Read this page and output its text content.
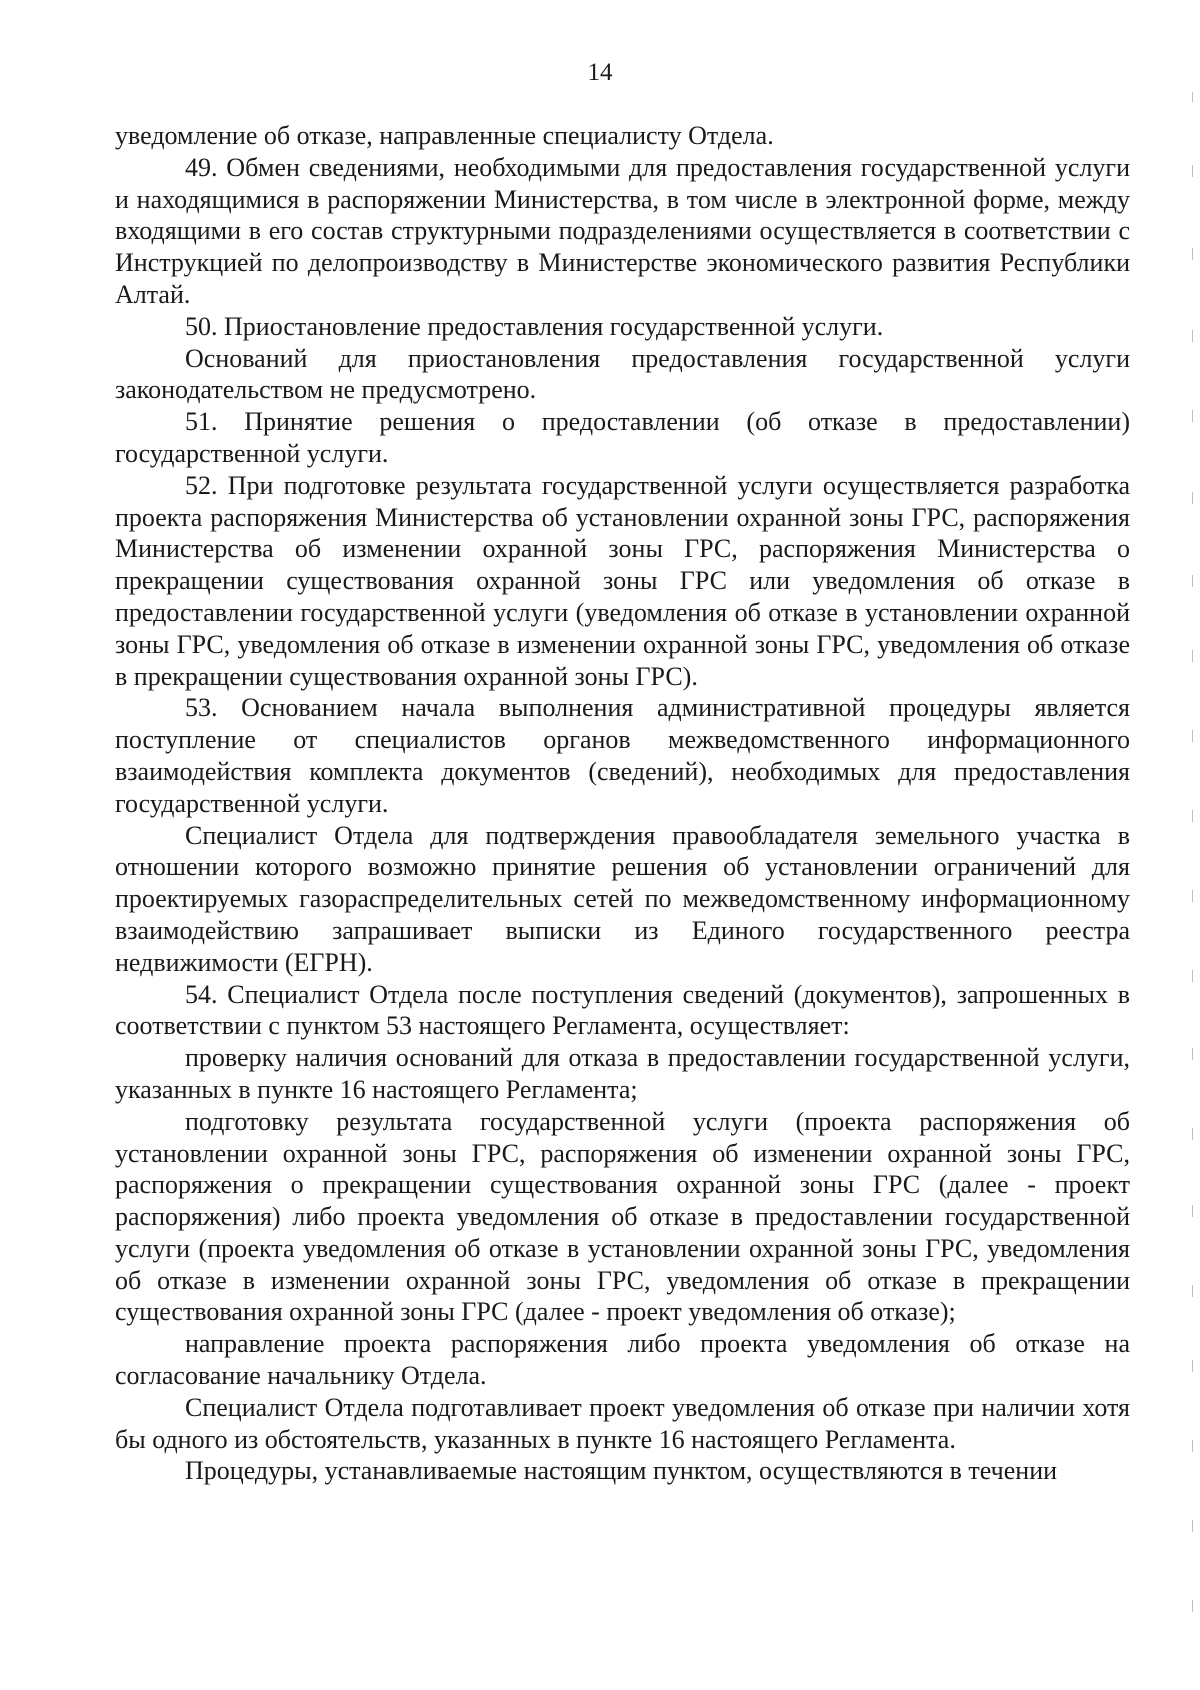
14

уведомление об отказе, направленные специалисту Отдела.

49. Обмен сведениями, необходимыми для предоставления государственной услуги и находящимися в распоряжении Министерства, в том числе в электронной форме, между входящими в его состав структурными подразделениями осуществляется в соответствии с Инструкцией по делопроизводству в Министерстве экономического развития Республики Алтай.

50. Приостановление предоставления государственной услуги.

Оснований для приостановления предоставления государственной услуги законодательством не предусмотрено.

51. Принятие решения о предоставлении (об отказе в предоставлении) государственной услуги.

52. При подготовке результата государственной услуги осуществляется разработка проекта распоряжения Министерства об установлении охранной зоны ГРС, распоряжения Министерства об изменении охранной зоны ГРС, распоряжения Министерства о прекращении существования охранной зоны ГРС или уведомления об отказе в предоставлении государственной услуги (уведомления об отказе в установлении охранной зоны ГРС, уведомления об отказе в изменении охранной зоны ГРС, уведомления об отказе в прекращении существования охранной зоны ГРС).

53. Основанием начала выполнения административной процедуры является поступление от специалистов органов межведомственного информационного взаимодействия комплекта документов (сведений), необходимых для предоставления государственной услуги.

Специалист Отдела для подтверждения правообладателя земельного участка в отношении которого возможно принятие решения об установлении ограничений для проектируемых газораспределительных сетей по межведомственному информационному взаимодействию запрашивает выписки из Единого государственного реестра недвижимости (ЕГРН).

54. Специалист Отдела после поступления сведений (документов), запрошенных в соответствии с пунктом 53 настоящего Регламента, осуществляет:

проверку наличия оснований для отказа в предоставлении государственной услуги, указанных в пункте 16 настоящего Регламента;

подготовку результата государственной услуги (проекта распоряжения об установлении охранной зоны ГРС, распоряжения об изменении охранной зоны ГРС, распоряжения о прекращении существования охранной зоны ГРС (далее - проект распоряжения) либо проекта уведомления об отказе в предоставлении государственной услуги (проекта уведомления об отказе в установлении охранной зоны ГРС, уведомления об отказе в изменении охранной зоны ГРС, уведомления об отказе в прекращении существования охранной зоны ГРС (далее - проект уведомления об отказе);

направление проекта распоряжения либо проекта уведомления об отказе на согласование начальнику Отдела.

Специалист Отдела подготавливает проект уведомления об отказе при наличии хотя бы одного из обстоятельств, указанных в пункте 16 настоящего Регламента.

Процедуры, устанавливаемые настоящим пунктом, осуществляются в течении
